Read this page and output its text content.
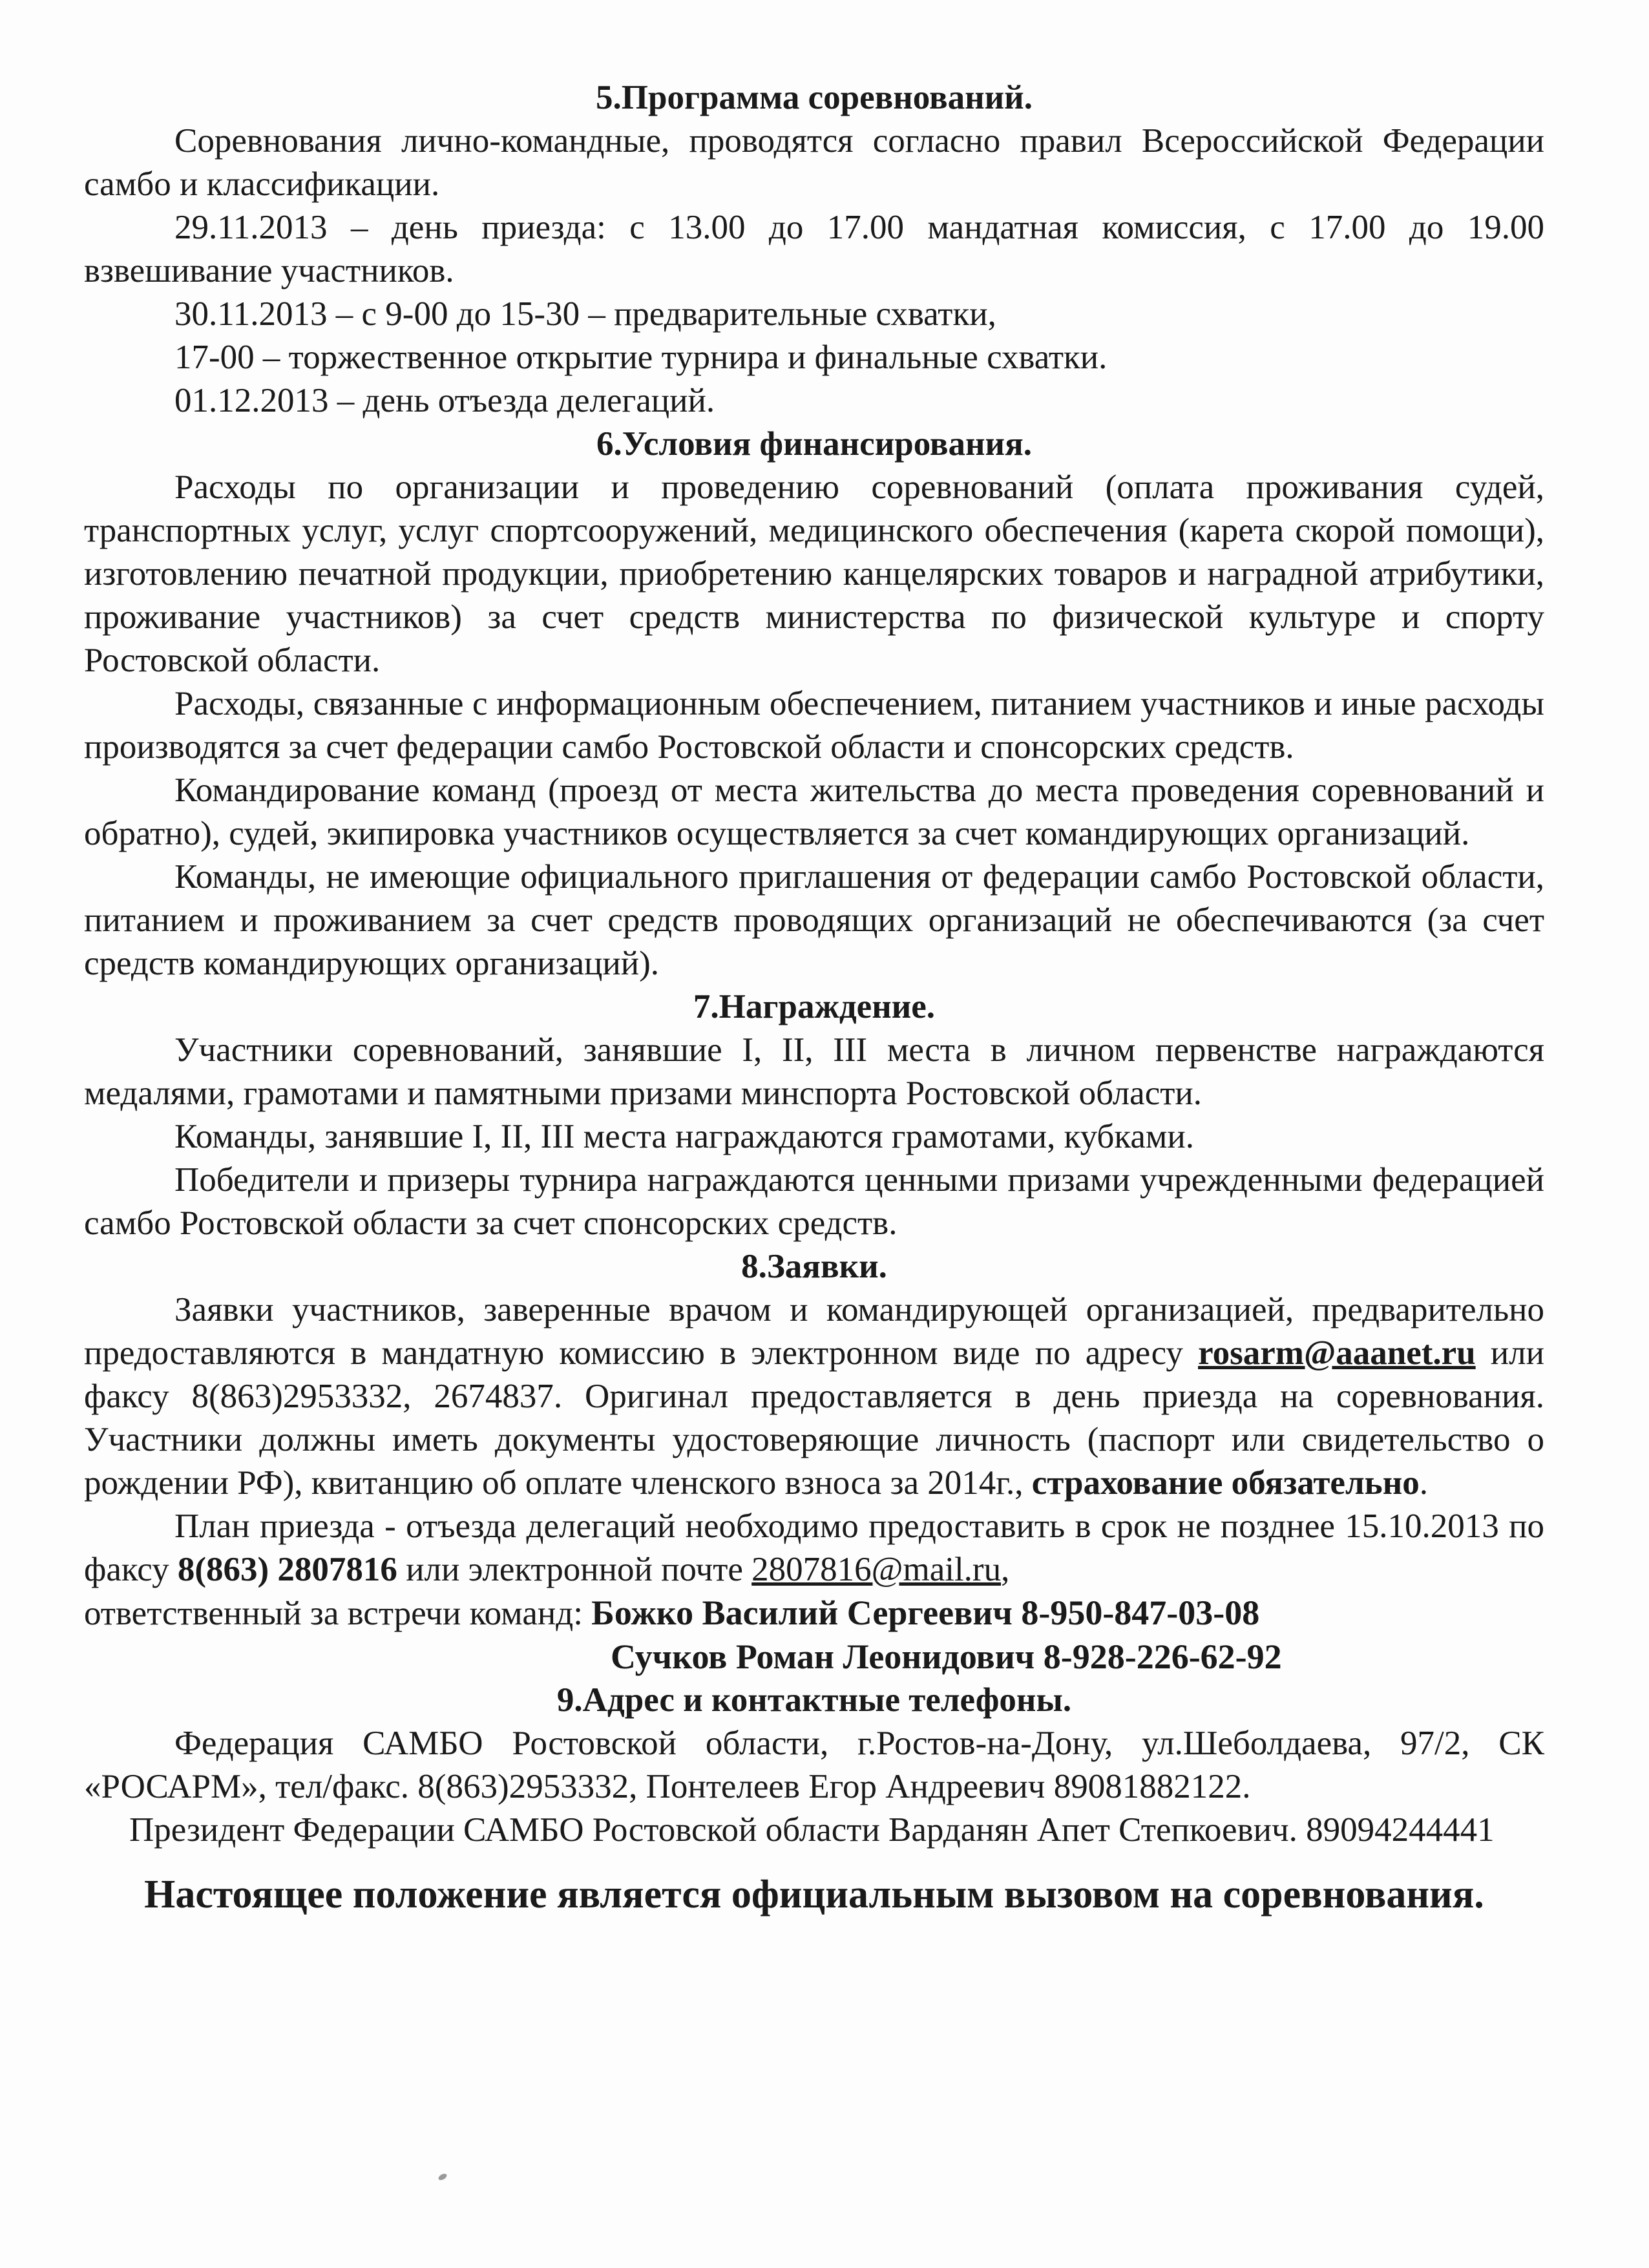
5.Программа соревнований.

Соревнования лично-командные, проводятся согласно правил Всероссийской Федерации самбо и классификации.

29.11.2013 – день приезда: с 13.00 до 17.00 мандатная комиссия, с 17.00 до 19.00 взвешивание участников.

30.11.2013 – с 9-00 до 15-30 – предварительные схватки,

17-00 – торжественное открытие турнира и финальные схватки.

01.12.2013 – день отъезда делегаций.

6.Условия финансирования.

Расходы по организации и проведению соревнований (оплата проживания судей, транспортных услуг, услуг спортсооружений, медицинского обеспечения (карета скорой помощи), изготовлению печатной продукции, приобретению канцелярских товаров и наградной атрибутики, проживание участников) за счет средств министерства по физической культуре и спорту Ростовской области.

Расходы, связанные с информационным обеспечением, питанием участников и иные расходы производятся за счет федерации самбо Ростовской области и спонсорских средств.

Командирование команд (проезд от места жительства до места проведения соревнований и обратно), судей, экипировка участников осуществляется за счет командирующих организаций.

Команды, не имеющие официального приглашения от федерации самбо Ростовской области, питанием и проживанием за счет средств проводящих организаций не обеспечиваются (за счет средств командирующих организаций).

7.Награждение.

Участники соревнований, занявшие I, II, III места в личном первенстве награждаются медалями, грамотами и памятными призами минспорта Ростовской области.

Команды, занявшие I, II, III места награждаются грамотами, кубками.

Победители и призеры турнира награждаются ценными призами учрежденными федерацией самбо Ростовской области за счет спонсорских средств.

8.Заявки.

Заявки участников, заверенные врачом и командирующей организацией, предварительно предоставляются в мандатную комиссию в электронном виде по адресу rosarm@aaanet.ru или факсу 8(863)2953332, 2674837. Оригинал предоставляется в день приезда на соревнования. Участники должны иметь документы удостоверяющие личность (паспорт или свидетельство о рождении РФ), квитанцию об оплате членского взноса за 2014г., страхование обязательно.

План приезда - отъезда делегаций необходимо предоставить в срок не позднее 15.10.2013 по факсу 8(863) 2807816 или электронной почте 2807816@mail.ru,

ответственный за встречи команд: Божко Василий Сергеевич 8-950-847-03-08

Сучков Роман Леонидович 8-928-226-62-92
9.Адрес и контактные телефоны.

Федерация САМБО Ростовской области, г.Ростов-на-Дону, ул.Шеболдаева, 97/2, СК «РОСАРМ», тел/факс. 8(863)2953332, Понтелеев Егор Андреевич 89081882122.

Президент Федерации САМБО Ростовской области Варданян Апет Степкоевич. 89094244441

Настоящее положение является официальным вызовом на соревнования.
